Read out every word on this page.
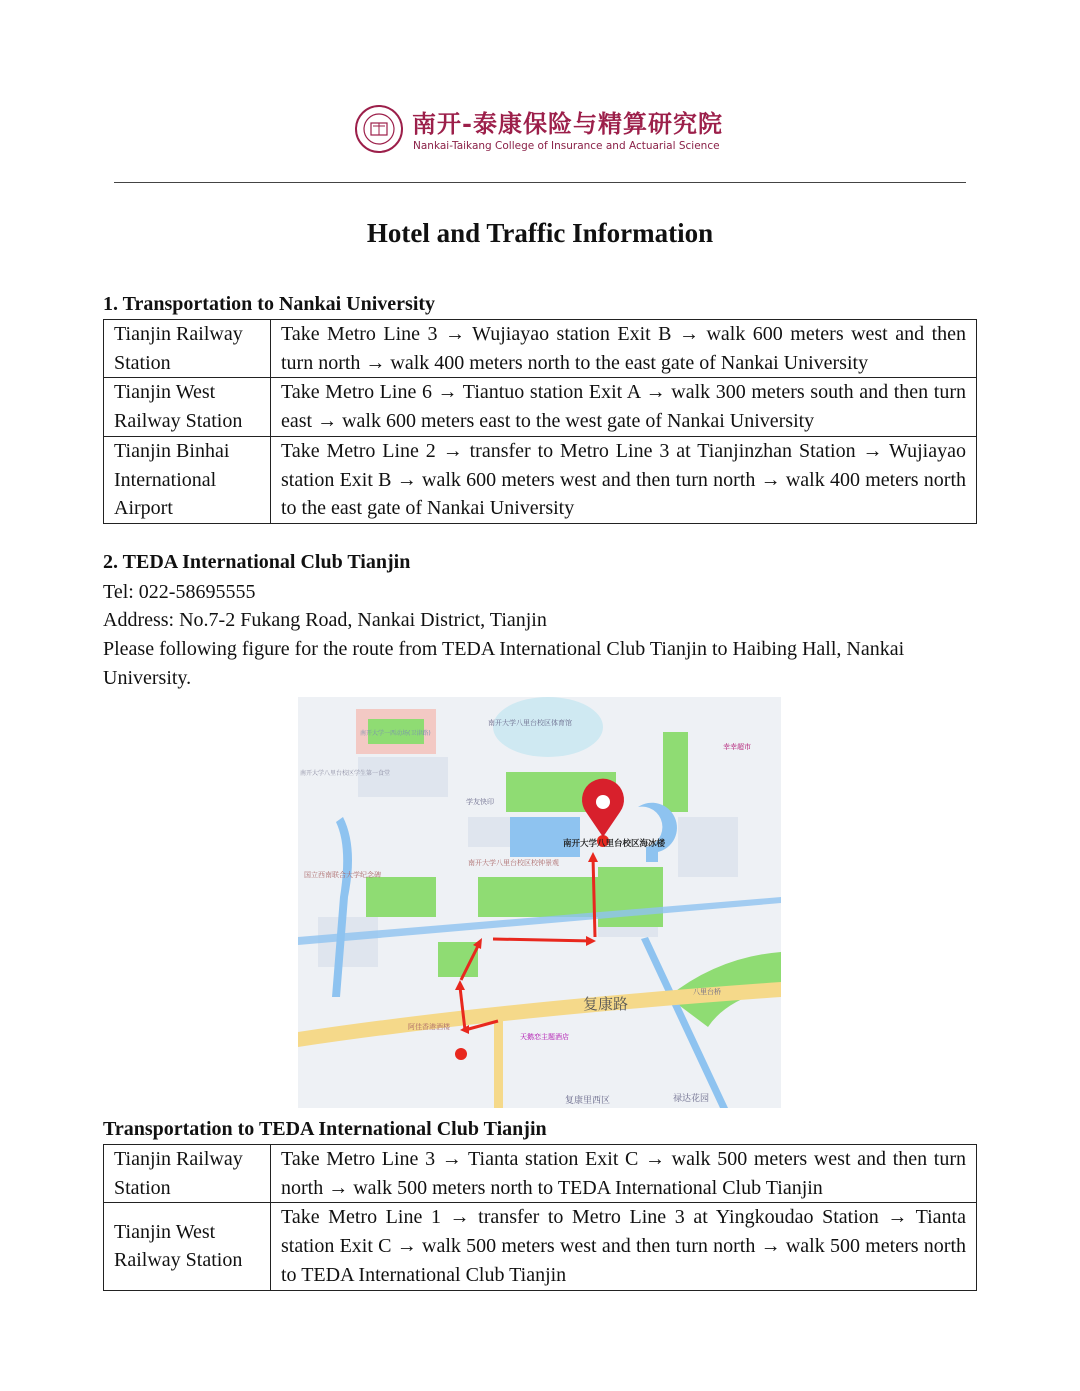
南开-泰康保险与精算研究院
Nankai-Taikang College of Insurance and Actuarial Science
Hotel and Traffic Information

1. Transportation to Nankai University

Tianjin Railway Station	Take Metro Line 3 → Wujiayao station Exit B → walk 600 meters west and then turn north → walk 400 meters north to the east gate of Nankai University
Tianjin West Railway Station	Take Metro Line 6 → Tiantuo station Exit A → walk 300 meters south and then turn east → walk 600 meters east to the west gate of Nankai University
Tianjin Binhai International Airport	Take Metro Line 2 → transfer to Metro Line 3 at Tianjinzhan Station → Wujiayao station Exit B → walk 600 meters west and then turn north → walk 400 meters north to the east gate of Nankai University

2. TEDA International Club Tianjin

Tel: 022-58695555

Address: No.7-2 Fukang Road, Nankai District, Tianjin

Please following figure for the route from TEDA International Club Tianjin to Haibing Hall, Nankai University.

复康路
南开大学八里台校区海冰楼
南开大学一西动场(卫津路)
南开大学八里台校区学生第一食堂
南开大学八里台校区体育馆
幸幸超市
学友快印
南开大学八里台校区校钟景观
国立西南联合大学纪念碑
八里台桥
天鹅恋主题酒店
阿佳香港酒楼
复康里西区	禄达花园

Transportation to TEDA International Club Tianjin

Tianjin Railway Station	Take Metro Line 3 → Tianta station Exit C → walk 500 meters west and then turn north → walk 500 meters north to TEDA International Club Tianjin
Tianjin West Railway Station	Take Metro Line 1 → transfer to Metro Line 3 at Yingkoudao Station → Tianta station Exit C → walk 500 meters west and then turn north → walk 500 meters north to TEDA International Club Tianjin
